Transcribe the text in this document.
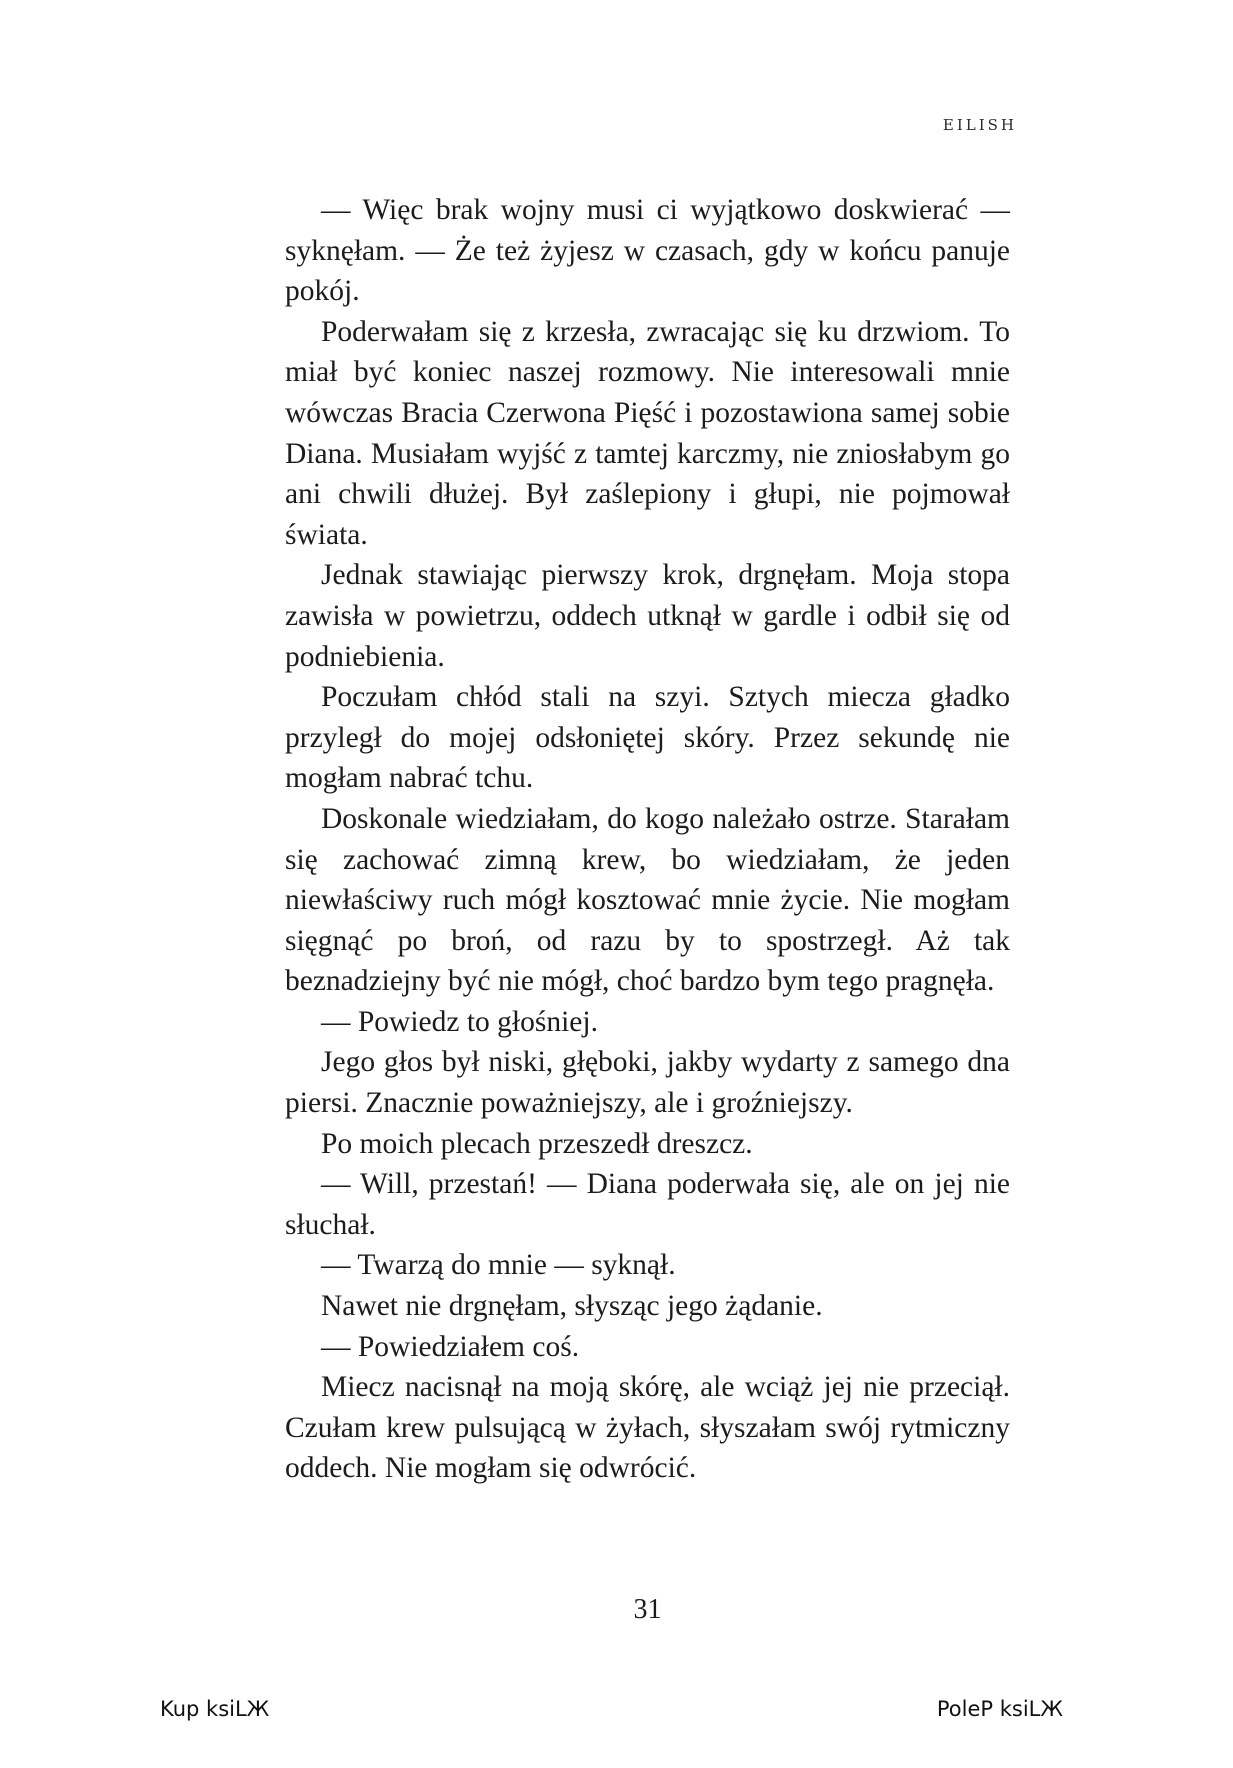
EILISH

— Więc brak wojny musi ci wyjątkowo doskwierać — syknęłam. — Że też żyjesz w czasach, gdy w końcu panuje pokój.

Poderwałam się z krzesła, zwracając się ku drzwiom. To miał być koniec naszej rozmowy. Nie interesowali mnie wówczas Bracia Czerwona Pięść i pozostawiona samej sobie Diana. Musiałam wyjść z tamtej karczmy, nie zniosłabym go ani chwili dłużej. Był zaślepiony i głupi, nie pojmował świata.

Jednak stawiając pierwszy krok, drgnęłam. Moja stopa zawisła w powietrzu, oddech utknął w gardle i odbił się od podniebienia.

Poczułam chłód stali na szyi. Sztych miecza gładko przyległ do mojej odsłoniętej skóry. Przez sekundę nie mogłam nabrać tchu.

Doskonale wiedziałam, do kogo należało ostrze. Starałam się zachować zimną krew, bo wiedziałam, że jeden niewłaściwy ruch mógł kosztować mnie życie. Nie mogłam sięgnąć po broń, od razu by to spostrzegł. Aż tak beznadziejny być nie mógł, choć bardzo bym tego pragnęła.

— Powiedz to głośniej.

Jego głos był niski, głęboki, jakby wydarty z samego dna piersi. Znacznie poważniejszy, ale i groźniejszy.

Po moich plecach przeszedł dreszcz.

— Will, przestań! — Diana poderwała się, ale on jej nie słuchał.

— Twarzą do mnie — syknął.

Nawet nie drgnęłam, słysząc jego żądanie.

— Powiedziałem coś.

Miecz nacisnął na moją skórę, ale wciąż jej nie przeciął. Czułam krew pulsującą w żyłach, słyszałam swój rytmiczny oddech. Nie mogłam się odwrócić.

31
Kup ksiLЖ	PoleP ksiLЖ
